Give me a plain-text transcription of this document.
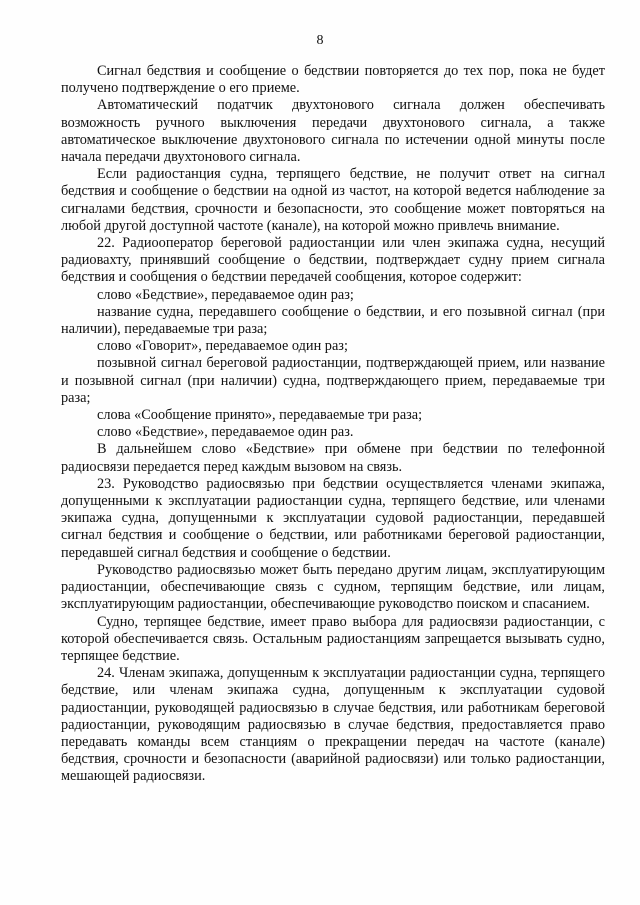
8

Сигнал бедствия и сообщение о бедствии повторяется до тех пор, пока не будет получено подтверждение о его приеме.

Автоматический податчик двухтонового сигнала должен обеспечивать возможность ручного выключения передачи двухтонового сигнала, а также автоматическое выключение двухтонового сигнала по истечении одной минуты после начала передачи двухтонового сигнала.

Если радиостанция судна, терпящего бедствие, не получит ответ на сигнал бедствия и сообщение о бедствии на одной из частот, на которой ведется наблюдение за сигналами бедствия, срочности и безопасности, это сообщение может повторяться на любой другой доступной частоте (канале), на которой можно привлечь внимание.

22. Радиооператор береговой радиостанции или член экипажа судна, несущий радиовахту, принявший сообщение о бедствии, подтверждает судну прием сигнала бедствия и сообщения о бедствии передачей сообщения, которое содержит:

слово «Бедствие», передаваемое один раз;

название судна, передавшего сообщение о бедствии, и его позывной сигнал (при наличии), передаваемые три раза;

слово «Говорит», передаваемое один раз;

позывной сигнал береговой радиостанции, подтверждающей прием, или название и позывной сигнал (при наличии) судна, подтверждающего прием, передаваемые три раза;

слова «Сообщение принято», передаваемые три раза;

слово «Бедствие», передаваемое один раз.

В дальнейшем слово «Бедствие» при обмене при бедствии по телефонной радиосвязи передается перед каждым вызовом на связь.

23. Руководство радиосвязью при бедствии осуществляется членами экипажа, допущенными к эксплуатации радиостанции судна, терпящего бедствие, или членами экипажа судна, допущенными к эксплуатации судовой радиостанции, передавшей сигнал бедствия и сообщение о бедствии, или работниками береговой радиостанции, передавшей сигнал бедствия и сообщение о бедствии.

Руководство радиосвязью может быть передано другим лицам, эксплуатирующим радиостанции, обеспечивающие связь с судном, терпящим бедствие, или лицам, эксплуатирующим радиостанции, обеспечивающие руководство поиском и спасанием.

Судно, терпящее бедствие, имеет право выбора для радиосвязи радиостанции, с которой обеспечивается связь. Остальным радиостанциям запрещается вызывать судно, терпящее бедствие.

24. Членам экипажа, допущенным к эксплуатации радиостанции судна, терпящего бедствие, или членам экипажа судна, допущенным к эксплуатации судовой радиостанции, руководящей радиосвязью в случае бедствия, или работникам береговой радиостанции, руководящим радиосвязью в случае бедствия, предоставляется право передавать команды всем станциям о прекращении передач на частоте (канале) бедствия, срочности и безопасности (аварийной радиосвязи) или только радиостанции, мешающей радиосвязи.
